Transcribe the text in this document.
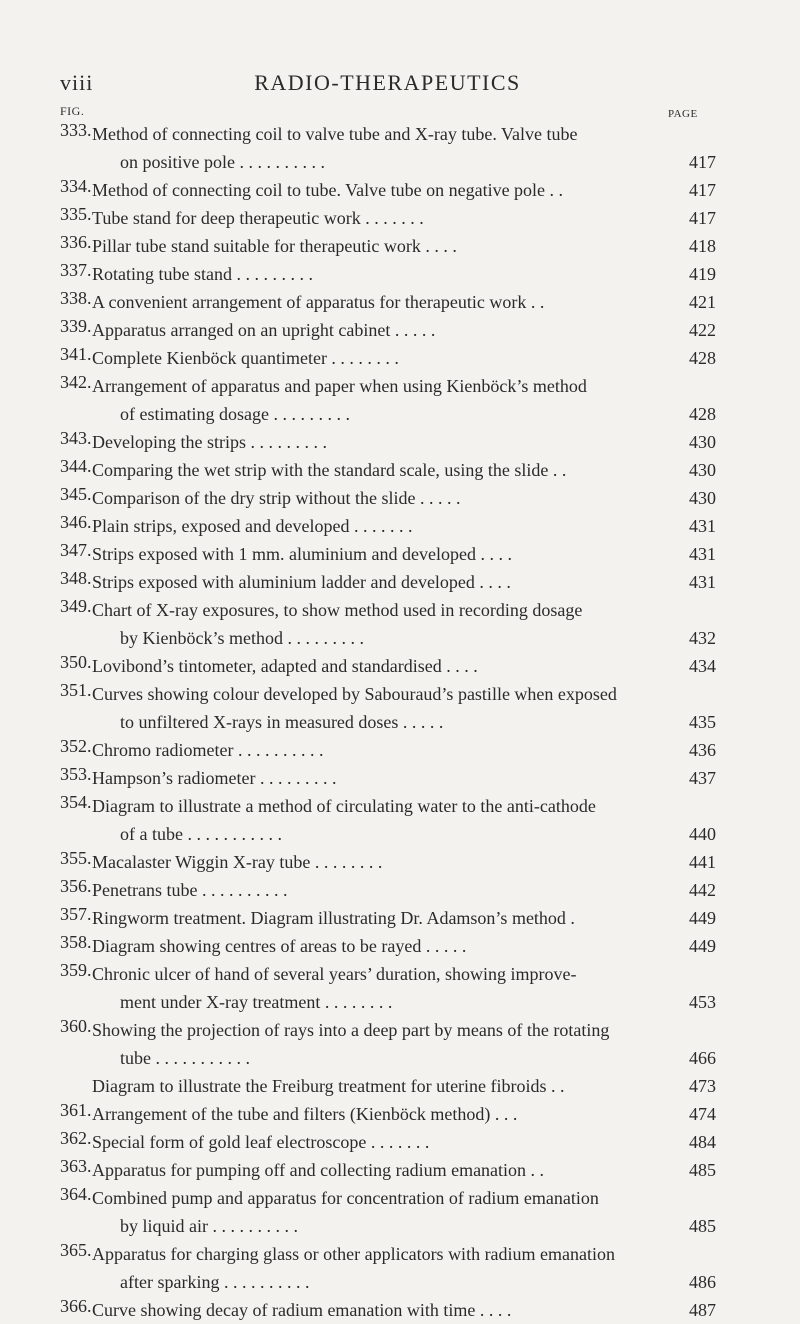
viii	RADIO-THERAPEUTICS
FIG.	PAGE
333. Method of connecting coil to valve tube and X-ray tube. Valve tube
on positive pole . . . . . . . . . .	417
334. Method of connecting coil to tube. Valve tube on negative pole . .	417
335. Tube stand for deep therapeutic work . . . . . . .	417
336. Pillar tube stand suitable for therapeutic work . . . .	418
337. Rotating tube stand . . . . . . . . .	419
338. A convenient arrangement of apparatus for therapeutic work . .	421
339. Apparatus arranged on an upright cabinet . . . . .	422
341. Complete Kienböck quantimeter . . . . . . . .	428
342. Arrangement of apparatus and paper when using Kienböck’s method
of estimating dosage . . . . . . . . .	428
343. Developing the strips . . . . . . . . .	430
344. Comparing the wet strip with the standard scale, using the slide . .	430
345. Comparison of the dry strip without the slide . . . . .	430
346. Plain strips, exposed and developed . . . . . . .	431
347. Strips exposed with 1 mm. aluminium and developed . . . .	431
348. Strips exposed with aluminium ladder and developed . . . .	431
349. Chart of X-ray exposures, to show method used in recording dosage
by Kienböck’s method . . . . . . . . .	432
350. Lovibond’s tintometer, adapted and standardised . . . .	434
351. Curves showing colour developed by Sabouraud’s pastille when exposed
to unfiltered X-rays in measured doses . . . . .	435
352. Chromo radiometer . . . . . . . . . .	436
353. Hampson’s radiometer . . . . . . . . .	437
354. Diagram to illustrate a method of circulating water to the anti-cathode
of a tube . . . . . . . . . . .	440
355. Macalaster Wiggin X-ray tube . . . . . . . .	441
356. Penetrans tube . . . . . . . . . .	442
357. Ringworm treatment. Diagram illustrating Dr. Adamson’s method .	449
358. Diagram showing centres of areas to be rayed . . . . .	449
359. Chronic ulcer of hand of several years’ duration, showing improve-
ment under X-ray treatment . . . . . . . .	453
360. Showing the projection of rays into a deep part by means of the rotating
tube . . . . . . . . . . .	466
Diagram to illustrate the Freiburg treatment for uterine fibroids . .	473
361. Arrangement of the tube and filters (Kienböck method) . . .	474
362. Special form of gold leaf electroscope . . . . . . .	484
363. Apparatus for pumping off and collecting radium emanation . .	485
364. Combined pump and apparatus for concentration of radium emanation
by liquid air . . . . . . . . . .	485
365. Apparatus for charging glass or other applicators with radium emanation
after sparking . . . . . . . . . .	486
366. Curve showing decay of radium emanation with time . . . .	487
